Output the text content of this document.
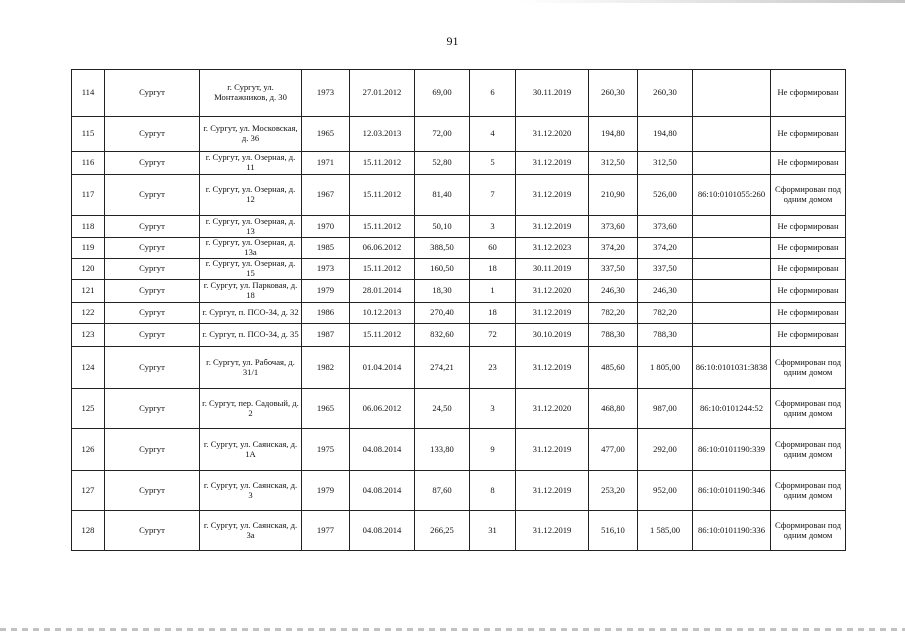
91
114	Сургут	г. Сургут, ул. Монтажников, д. 30	1973	27.01.2012	69,00	6	30.11.2019	260,30	260,30		Не сформирован
115	Сургут	г. Сургут, ул. Московская, д. 36	1965	12.03.2013	72,00	4	31.12.2020	194,80	194,80		Не сформирован
116	Сургут	г. Сургут, ул. Озерная, д. 11	1971	15.11.2012	52,80	5	31.12.2019	312,50	312,50		Не сформирован
117	Сургут	г. Сургут, ул. Озерная, д. 12	1967	15.11.2012	81,40	7	31.12.2019	210,90	526,00	86:10:0101055:260	Сформирован под одним домом
118	Сургут	г. Сургут, ул. Озерная, д. 13	1970	15.11.2012	50,10	3	31.12.2019	373,60	373,60		Не сформирован
119	Сургут	г. Сургут, ул. Озерная, д. 13а	1985	06.06.2012	388,50	60	31.12.2023	374,20	374,20		Не сформирован
120	Сургут	г. Сургут, ул. Озерная, д. 15	1973	15.11.2012	160,50	18	30.11.2019	337,50	337,50		Не сформирован
121	Сургут	г. Сургут, ул. Парковая, д. 18	1979	28.01.2014	18,30	1	31.12.2020	246,30	246,30		Не сформирован
122	Сургут	г. Сургут, п. ПСО-34, д. 32	1986	10.12.2013	270,40	18	31.12.2019	782,20	782,20		Не сформирован
123	Сургут	г. Сургут, п. ПСО-34, д. 35	1987	15.11.2012	832,60	72	30.10.2019	788,30	788,30		Не сформирован
124	Сургут	г. Сургут, ул. Рабочая, д. 31/1	1982	01.04.2014	274,21	23	31.12.2019	485,60	1 805,00	86:10:0101031:3838	Сформирован под одним домом
125	Сургут	г. Сургут, пер. Садовый, д. 2	1965	06.06.2012	24,50	3	31.12.2020	468,80	987,00	86:10:0101244:52	Сформирован под одним домом
126	Сургут	г. Сургут, ул. Саянская, д. 1А	1975	04.08.2014	133,80	9	31.12.2019	477,00	292,00	86:10:0101190:339	Сформирован под одним домом
127	Сургут	г. Сургут, ул. Саянская, д. 3	1979	04.08.2014	87,60	8	31.12.2019	253,20	952,00	86:10:0101190:346	Сформирован под одним домом
128	Сургут	г. Сургут, ул. Саянская, д. 3а	1977	04.08.2014	266,25	31	31.12.2019	516,10	1 585,00	86:10:0101190:336	Сформирован под одним домом
